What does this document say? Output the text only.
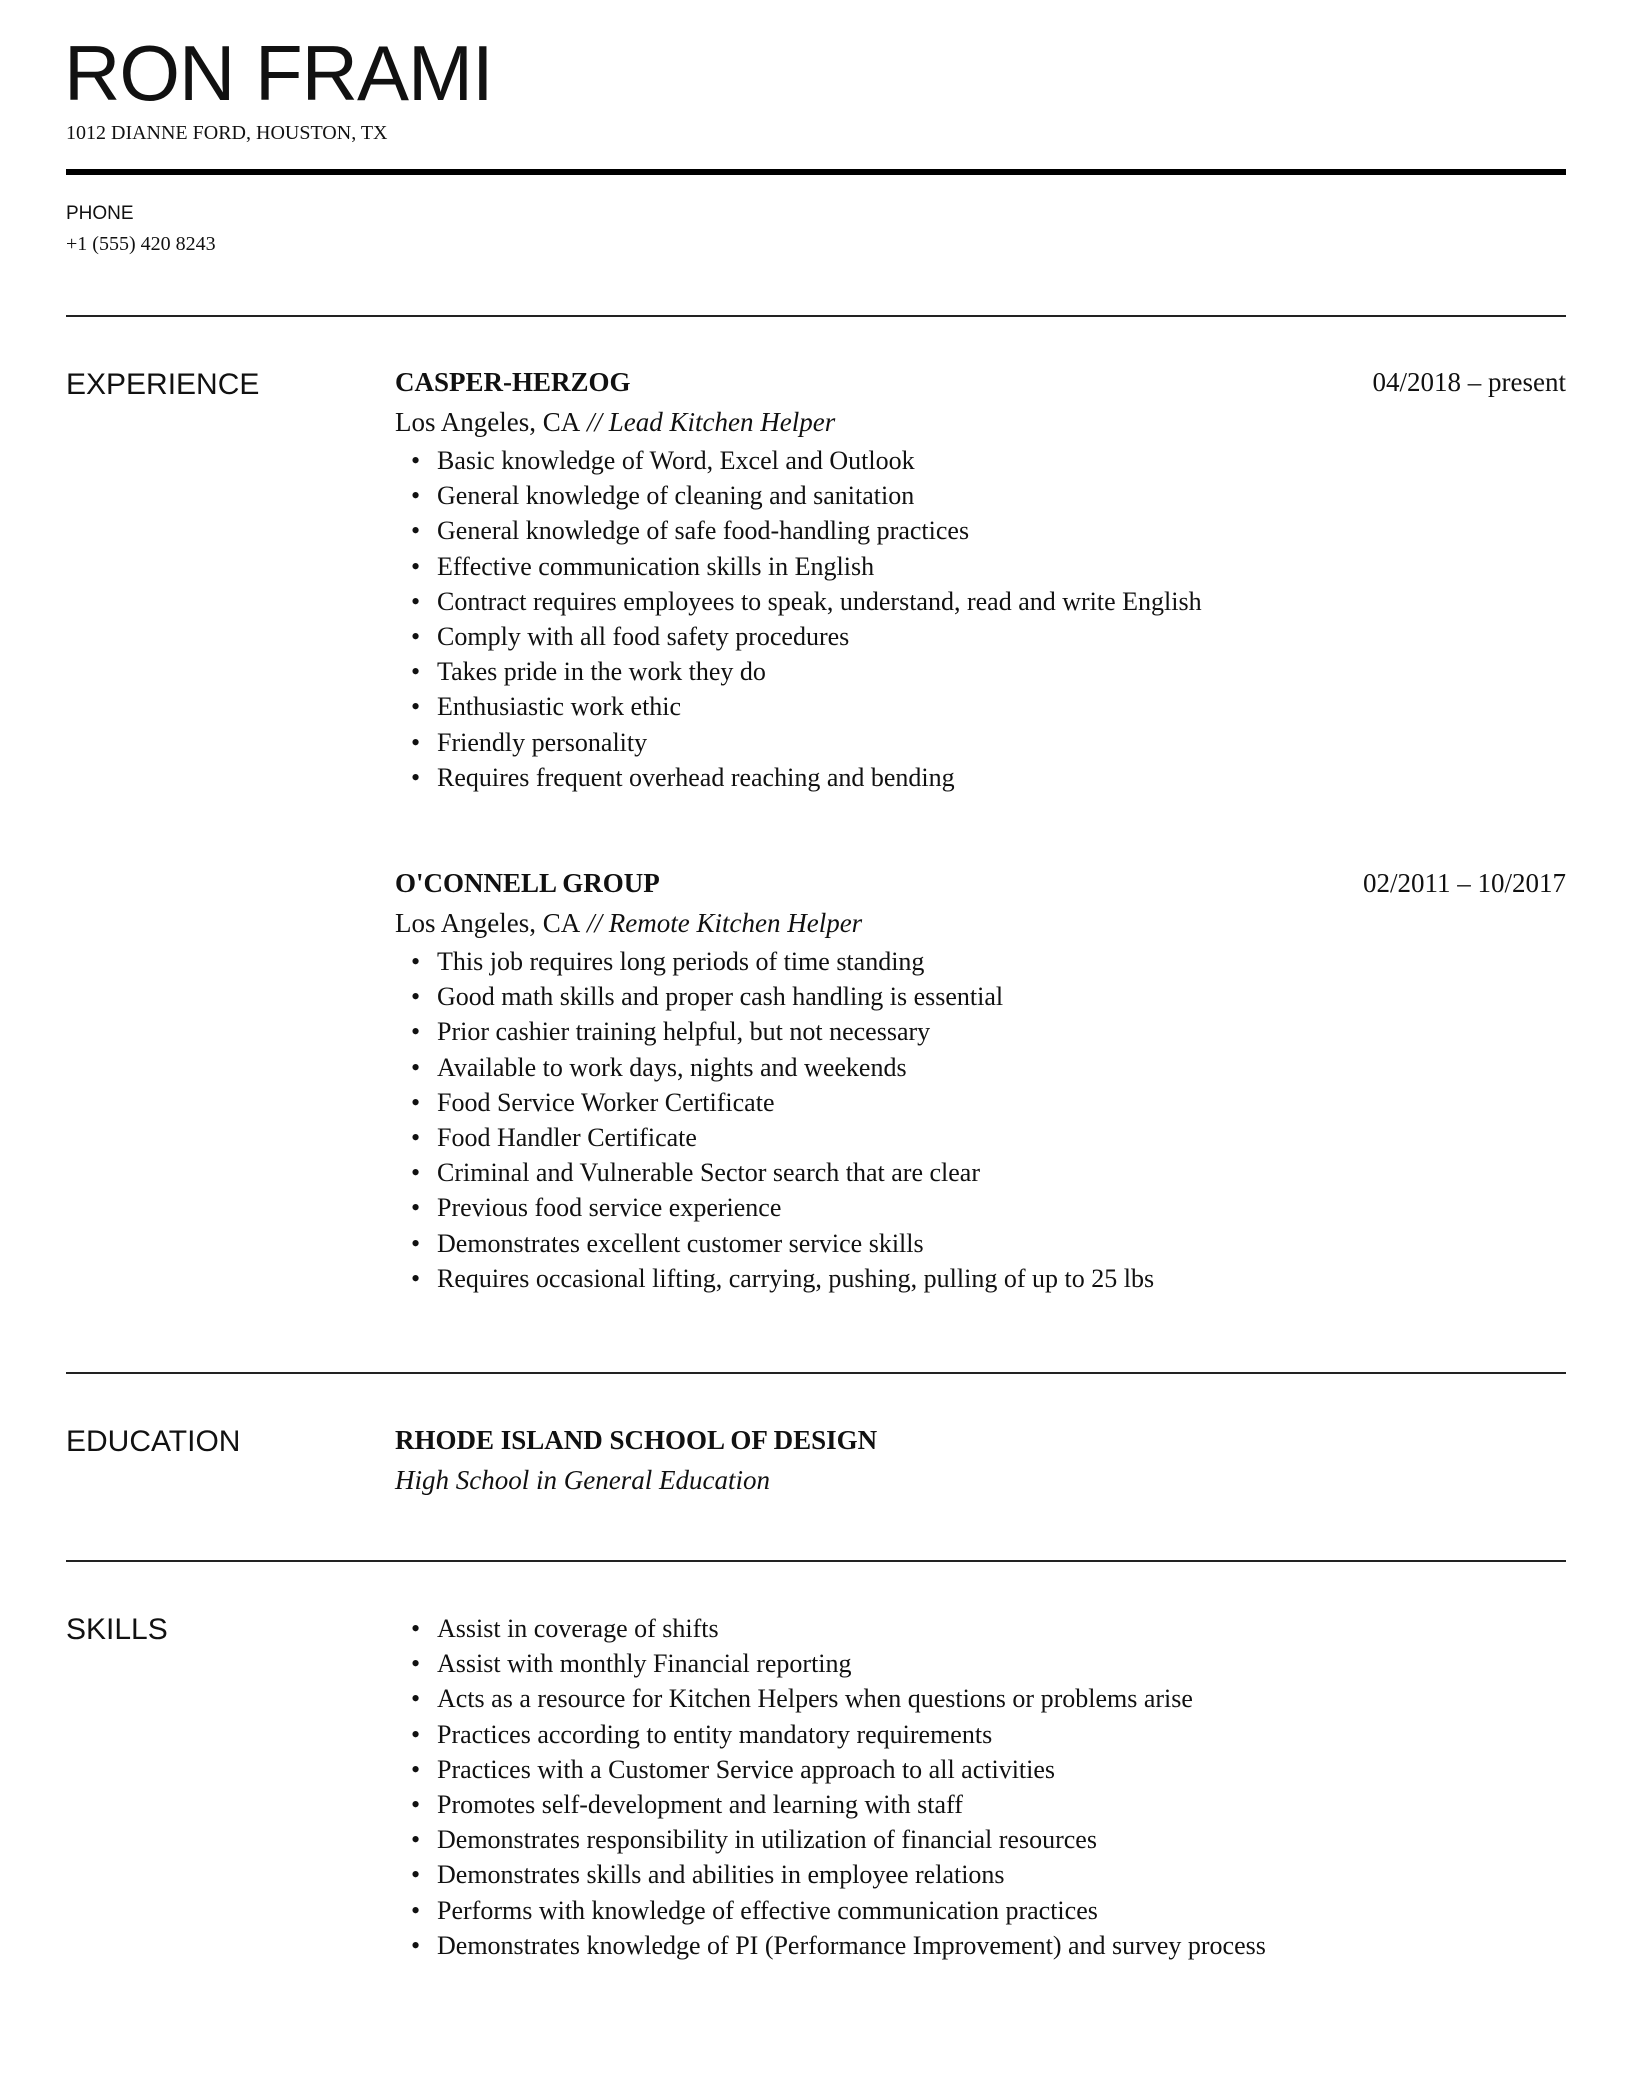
RON FRAMI
1012 DIANNE FORD, HOUSTON, TX
PHONE
+1 (555) 420 8243
EXPERIENCE	CASPER-HERZOG	04/2018 – present
Los Angeles, CA // Lead Kitchen Helper
• Basic knowledge of Word, Excel and Outlook
• General knowledge of cleaning and sanitation
• General knowledge of safe food-handling practices
• Effective communication skills in English
• Contract requires employees to speak, understand, read and write English
• Comply with all food safety procedures
• Takes pride in the work they do
• Enthusiastic work ethic
• Friendly personality
• Requires frequent overhead reaching and bending
O'CONNELL GROUP	02/2011 – 10/2017
Los Angeles, CA // Remote Kitchen Helper
• This job requires long periods of time standing
• Good math skills and proper cash handling is essential
• Prior cashier training helpful, but not necessary
• Available to work days, nights and weekends
• Food Service Worker Certificate
• Food Handler Certificate
• Criminal and Vulnerable Sector search that are clear
• Previous food service experience
• Demonstrates excellent customer service skills
• Requires occasional lifting, carrying, pushing, pulling of up to 25 lbs
EDUCATION	RHODE ISLAND SCHOOL OF DESIGN
High School in General Education
SKILLS	• Assist in coverage of shifts
• Assist with monthly Financial reporting
• Acts as a resource for Kitchen Helpers when questions or problems arise
• Practices according to entity mandatory requirements
• Practices with a Customer Service approach to all activities
• Promotes self-development and learning with staff
• Demonstrates responsibility in utilization of financial resources
• Demonstrates skills and abilities in employee relations
• Performs with knowledge of effective communication practices
• Demonstrates knowledge of PI (Performance Improvement) and survey process
